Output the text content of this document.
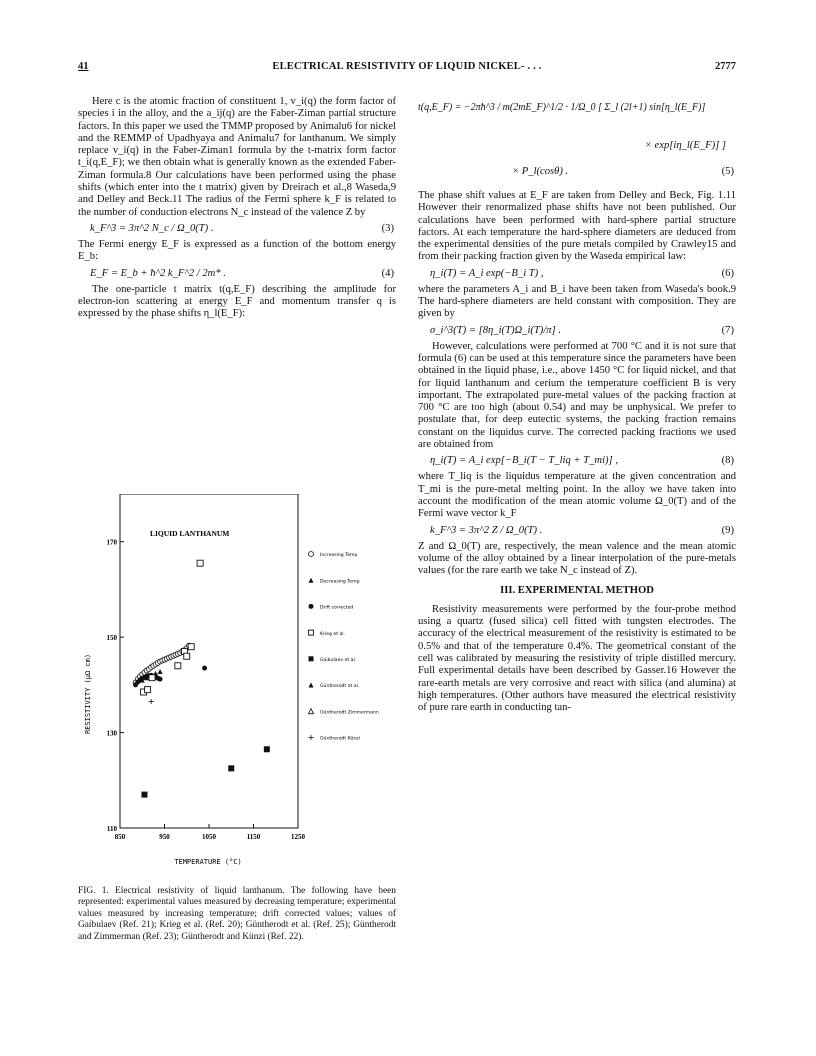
41	ELECTRICAL RESISTIVITY OF LIQUID NICKEL- . . .	2777

Here c is the atomic fraction of constituent 1, v_i(q) the form factor of species i in the alloy, and the a_ij(q) are the Faber-Ziman partial structure factors. In this paper we used the TMMP proposed by Animalu6 for nickel and the REMMP of Upadhyaya and Animalu7 for lanthanum. We simply replace v_i(q) in the Faber-Ziman1 formula by the t-matrix form factor t_i(q,E_F); we then obtain what is generally known as the extended Faber-Ziman formula.8 Our calculations have been performed using the phase shifts (which enter into the t matrix) given by Dreirach et al.,8 Waseda,9 and Delley and Beck.11 The radius of the Fermi sphere k_F is related to the number of conduction electrons N_c instead of the valence Z by

k_F^3 = 3π^2 N_c / Ω_0(T) .	(3)

The Fermi energy E_F is expressed as a function of the bottom energy E_b:

E_F = E_b + ħ^2 k_F^2 / 2m* .	(4)

The one-particle t matrix t(q,E_F) describing the amplitude for electron-ion scattering at energy E_F and momentum transfer q is expressed by the phase shifts η_l(E_F):

LIQUID LANTHANUM
RESISTIVITY (μΩ cm)
TEMPERATURE (°C)
850	950	1050	1150	1250
110
130
150
170
Increasing Temp
Decreasing Temp
Drift corrected
Krieg et al.
Gaibulaev et al.
Güntherodt et al.
Güntherodt Zimmermann
Güntherodt Künzi
FIG. 1. Electrical resistivity of liquid lanthanum. The following have been represented: experimental values measured by decreasing temperature; experimental values measured by increasing temperature; drift corrected values; values of Gaibulaev (Ref. 21); Krieg et al. (Ref. 20); Güntherodt et al. (Ref. 25); Güntherodt and Zimmerman (Ref. 23); Güntherodt and Künzi (Ref. 22).
t(q,E_F) = −2πħ^3 / m(2mE_F)^1/2 · 1/Ω_0 [ Σ_l (2l+1) sin[η_l(E_F)]
× exp[iη_l(E_F)] ]
× P_l(cosθ) .	(5)

The phase shift values at E_F are taken from Delley and Beck, Fig. 1.11 However their renormalized phase shifts have not been published. Our calculations have been performed with hard-sphere partial structure factors. At each temperature the hard-sphere diameters are deduced from the experimental densities of the pure metals compiled by Crawley15 and from their packing fraction given by the Waseda empirical law:

η_i(T) = A_i exp(−B_i T) ,	(6)

where the parameters A_i and B_i have been taken from Waseda's book.9 The hard-sphere diameters are held constant with composition. They are given by

σ_i^3(T) = [8η_i(T)Ω_i(T)/π] .	(7)

However, calculations were performed at 700 °C and it is not sure that formula (6) can be used at this temperature since the parameters have been obtained in the liquid phase, i.e., above 1450 °C for liquid nickel, and that for liquid lanthanum and cerium the temperature coefficient B is very important. The extrapolated pure-metal values of the packing fraction at 700 °C are too high (about 0.54) and may be unphysical. We prefer to postulate that, for deep eutectic systems, the packing fraction remains constant on the liquidus curve. The corrected packing fractions we used are obtained from

η_i(T) = A_i exp[−B_i(T − T_liq + T_mi)] ,	(8)

where T_liq is the liquidus temperature at the given concentration and T_mi is the pure-metal melting point. In the alloy we have taken into account the modification of the mean atomic volume Ω_0(T) and of the Fermi wave vector k_F

k_F^3 = 3π^2 Z / Ω_0(T) .	(9)

Z and Ω_0(T) are, respectively, the mean valence and the mean atomic volume of the alloy obtained by a linear interpolation of the pure-metals values (for the rare earth we take N_c instead of Z).

III. EXPERIMENTAL METHOD

Resistivity measurements were performed by the four-probe method using a quartz (fused silica) cell fitted with tungsten electrodes. The accuracy of the electrical measurement of the resistivity is estimated to be 0.5% and that of the temperature 0.4%. The geometrical constant of the cell was calibrated by measuring the resistivity of triple distilled mercury. Full experimental details have been described by Gasser.16 However the rare-earth metals are very corrosive and react with silica (and alumina) at high temperatures. (Other authors have measured the electrical resistivity of pure rare earth in conducting tan-
